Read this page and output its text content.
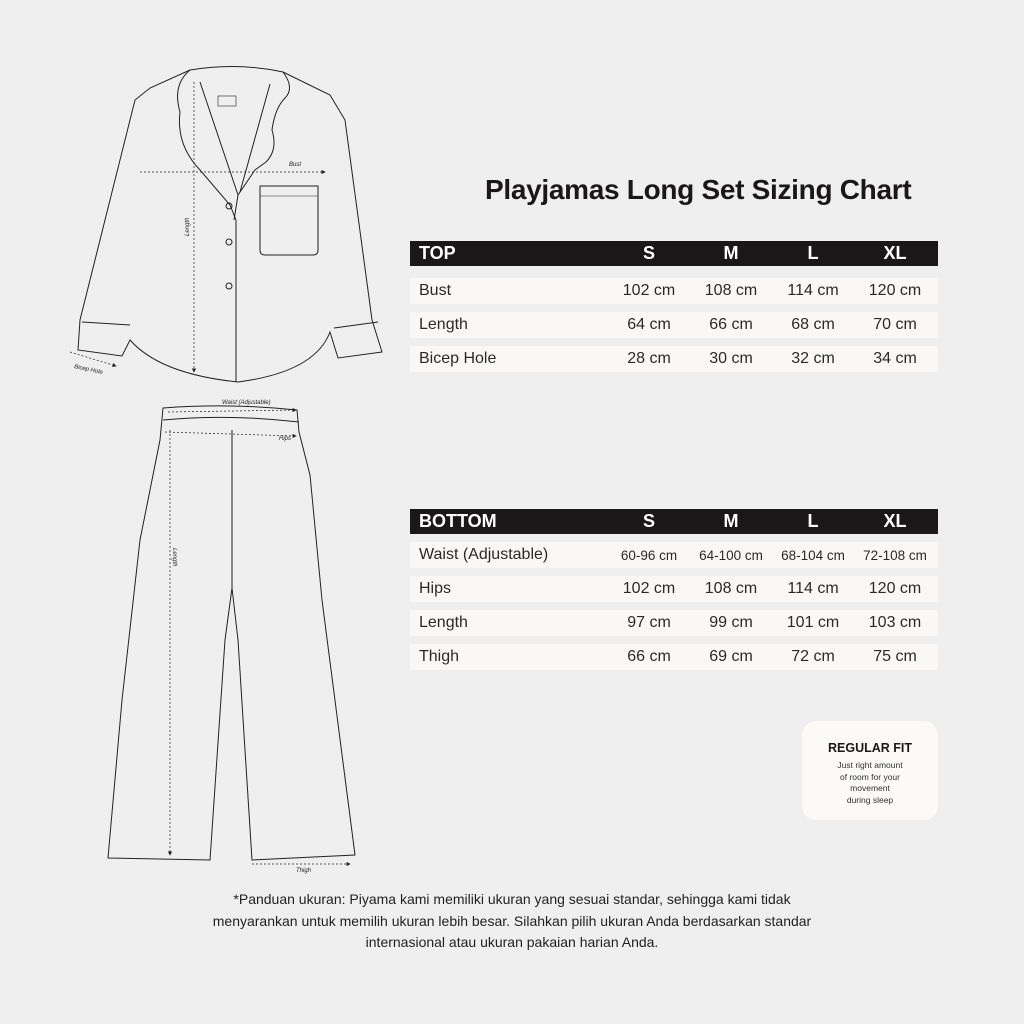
Bust
Length
Bicep Hole
Waist (Adjustable)
Hips
Length
Thigh
Playjamas Long Set Sizing Chart
TOP	S	M	L	XL
Bust	102 cm	108 cm	114 cm	120 cm
Length	64 cm	66 cm	68 cm	70 cm
Bicep Hole	28 cm	30 cm	32 cm	34 cm
BOTTOM	S	M	L	XL
Waist (Adjustable)	60-96 cm	64-100 cm	68-104 cm	72-108 cm
Hips	102 cm	108 cm	114 cm	120 cm
Length	97 cm	99 cm	101 cm	103 cm
Thigh	66 cm	69 cm	72 cm	75 cm
REGULAR FIT
Just right amount
of room for your
movement
during sleep
*Panduan ukuran: Piyama kami memiliki ukuran yang sesuai standar, sehingga kami tidak
menyarankan untuk memilih ukuran lebih besar. Silahkan pilih ukuran Anda berdasarkan standar
internasional atau ukuran pakaian harian Anda.
